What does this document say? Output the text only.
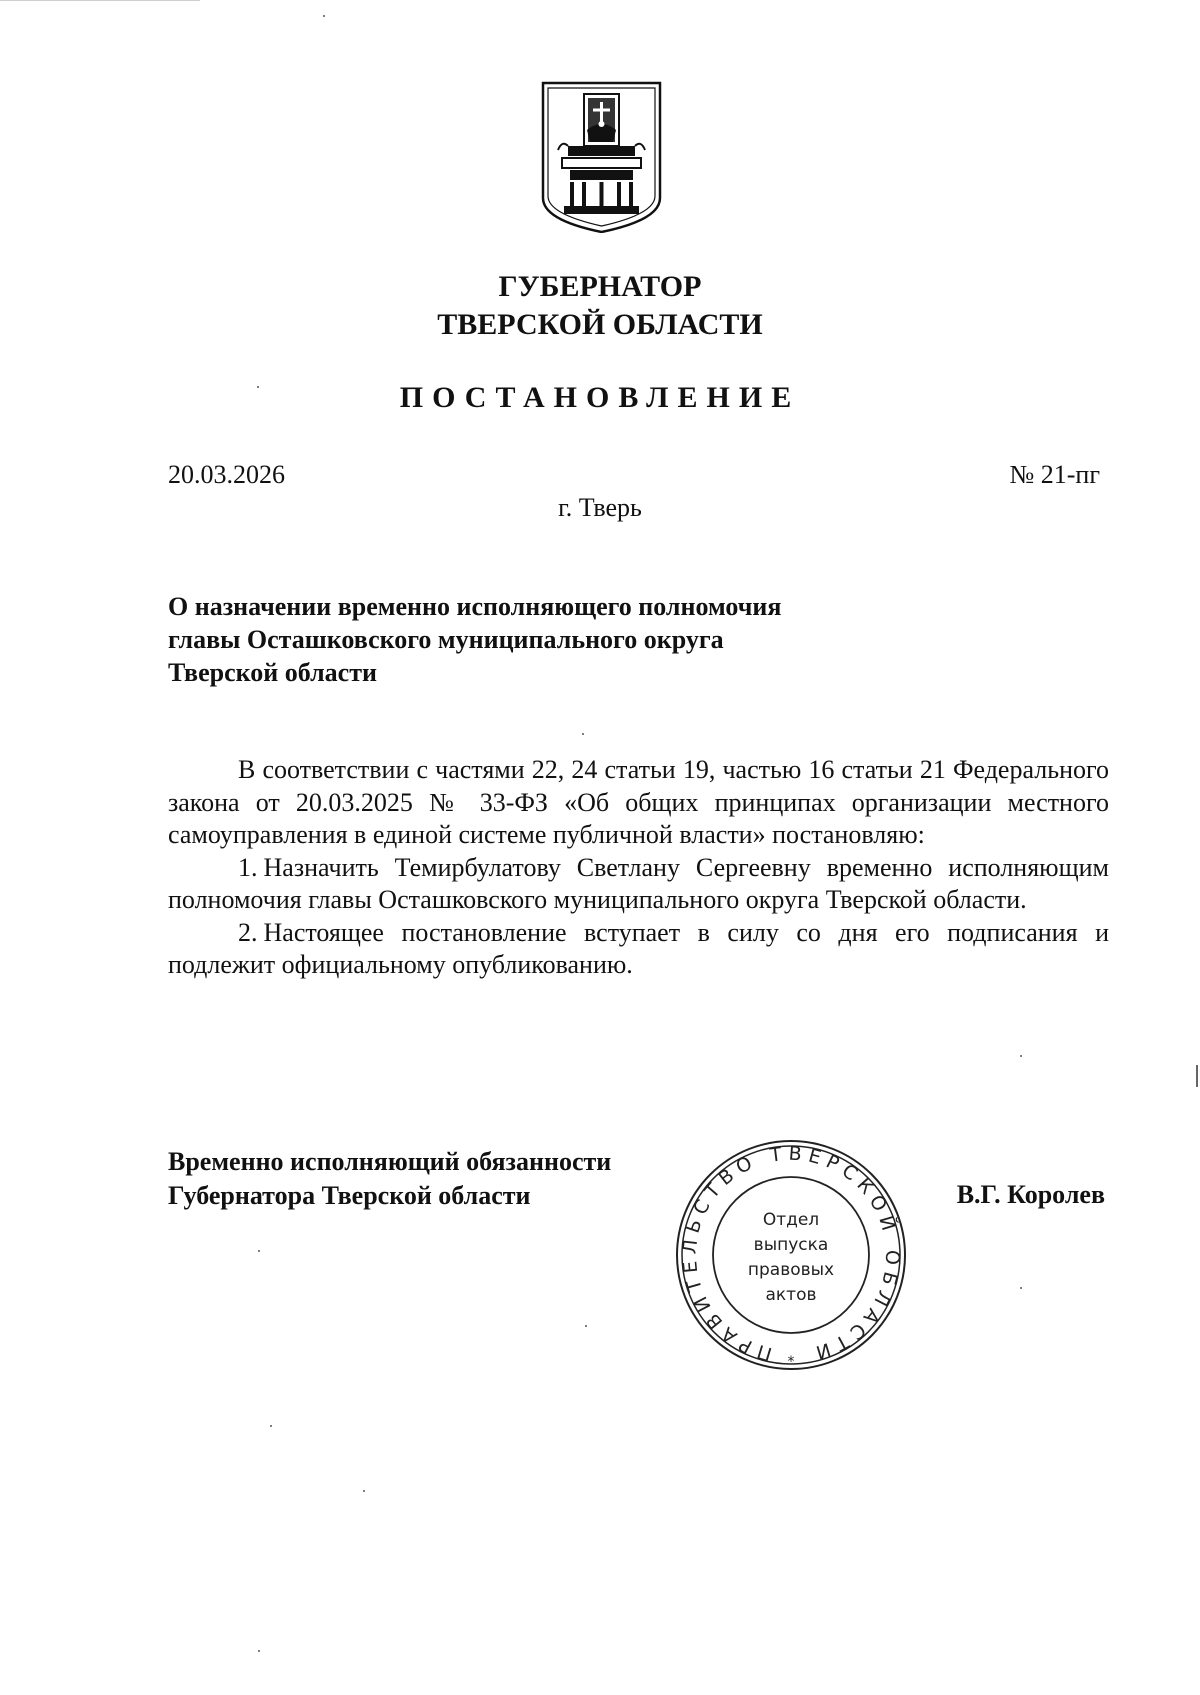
ГУБЕРНАТОР
ТВЕРСКОЙ ОБЛАСТИ
ПОСТАНОВЛЕНИЕ
20.03.2026	№ 21-пг
г. Тверь
О назначении временно исполняющего полномочия
главы Осташковского муниципального округа
Тверской области

В соответствии с частями 22, 24 статьи 19, частью 16 статьи 21 Федерального закона от 20.03.2025 № 33-ФЗ «Об общих принципах организации местного самоуправления в единой системе публичной власти» постановляю:

1. Назначить Темирбулатову Светлану Сергеевну временно исполняющим полномочия главы Осташковского муниципального округа Тверской области.

2. Настоящее постановление вступает в силу со дня его подписания и подлежит официальному опубликованию.

Временно исполняющий обязанности
Губернатора Тверской области
ПРАВИТЕЛЬСТВО ТВЕРСКОЙ ОБЛАСТИ
*
Отдел
выпуска
правовых
актов
В.Г. Королев
